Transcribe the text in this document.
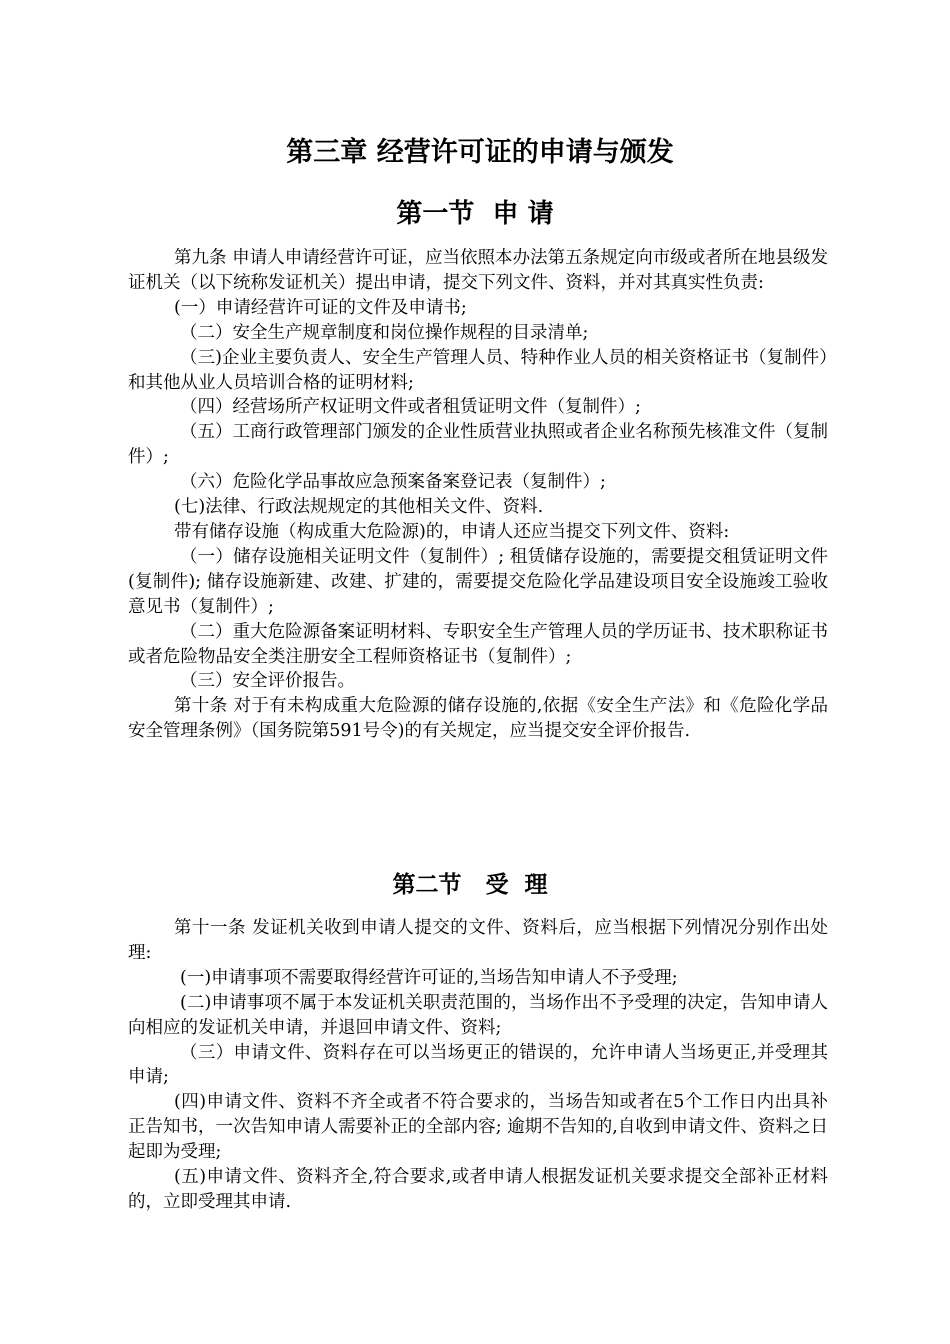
第三章 经营许可证的申请与颁发
第一节  申 请

第九条 申请人申请经营许可证，应当依照本办法第五条规定向市级或者所在地县级发证机关（以下统称发证机关）提出申请，提交下列文件、资料，并对其真实性负责:

(一）申请经营许可证的文件及申请书;

（二）安全生产规章制度和岗位操作规程的目录清单;

（三)企业主要负责人、安全生产管理人员、特种作业人员的相关资格证书（复制件）和其他从业人员培训合格的证明材料;

（四）经营场所产权证明文件或者租赁证明文件（复制件）;

（五）工商行政管理部门颁发的企业性质营业执照或者企业名称预先核准文件（复制件）;

（六）危险化学品事故应急预案备案登记表（复制件）;

(七)法律、行政法规规定的其他相关文件、资料.

带有储存设施（构成重大危险源)的，申请人还应当提交下列文件、资料:

（一）储存设施相关证明文件（复制件）; 租赁储存设施的，需要提交租赁证明文件(复制件); 储存设施新建、改建、扩建的，需要提交危险化学品建设项目安全设施竣工验收意见书（复制件）;

（二）重大危险源备案证明材料、专职安全生产管理人员的学历证书、技术职称证书或者危险物品安全类注册安全工程师资格证书（复制件）;

（三）安全评价报告。

第十条 对于有未构成重大危险源的储存设施的,依据《安全生产法》和《危险化学品安全管理条例》（国务院第591号令)的有关规定，应当提交安全评价报告.

第二节   受  理

第十一条 发证机关收到申请人提交的文件、资料后，应当根据下列情况分别作出处理:

(一)申请事项不需要取得经营许可证的,当场告知申请人不予受理;

(二)申请事项不属于本发证机关职责范围的，当场作出不予受理的决定，告知申请人向相应的发证机关申请，并退回申请文件、资料;

（三）申请文件、资料存在可以当场更正的错误的，允许申请人当场更正,并受理其申请;

(四)申请文件、资料不齐全或者不符合要求的，当场告知或者在5个工作日内出具补正告知书，一次告知申请人需要补正的全部内容; 逾期不告知的,自收到申请文件、资料之日起即为受理;

(五)申请文件、资料齐全,符合要求,或者申请人根据发证机关要求提交全部补正材料的，立即受理其申请.
